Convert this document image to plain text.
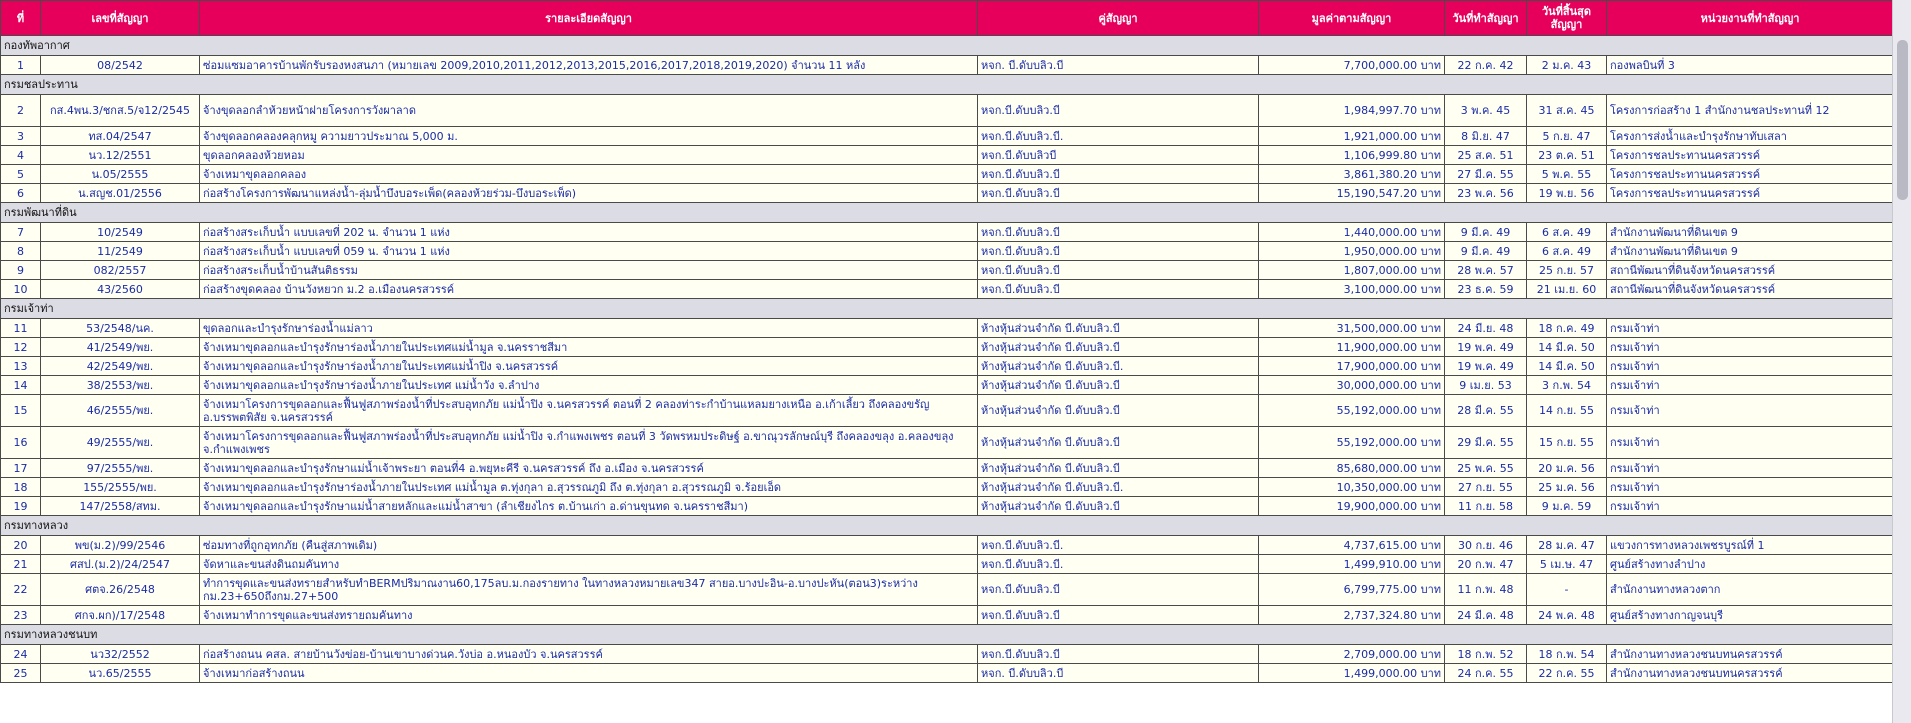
ที่	เลขที่สัญญา	รายละเอียดสัญญา	คู่สัญญา	มูลค่าตามสัญญา	วันที่ทำสัญญา	วันที่สิ้นสุดสัญญา	หน่วยงานที่ทำสัญญา
กองทัพอากาศ							
1	08/2542	ซ่อมแซมอาคารบ้านพักรับรองหงสนภา (หมายเลข 2009,2010,2011,2012,2013,2015,2016,2017,2018,2019,2020) จำนวน 11 หลัง	หจก. บี.ดับบลิว.บี	7,700,000.00 บาท	22 ก.ค. 42	2 ม.ค. 43	กองพลบินที่ 3
กรมชลประทาน							
2	กส.4พน.3/ชกส.5/จ12/2545	จ้างขุดลอกลำห้วยหน้าฝายโครงการวังผาลาด	หจก.บี.ดับบลิว.บี	1,984,997.70 บาท	3 พ.ค. 45	31 ส.ค. 45	โครงการก่อสร้าง 1 สำนักงานชลประทานที่ 12
3	ทส.04/2547	จ้างขุดลอกคลองคลุกหมู ความยาวประมาณ 5,000 ม.	หจก.บี.ดับบลิว.บี.	1,921,000.00 บาท	8 มิ.ย. 47	5 ก.ย. 47	โครงการส่งน้ำและบำรุงรักษาทับเสลา
4	นว.12/2551	ขุดลอกคลองห้วยหอม	หจก.บี.ดับบลิวบี	1,106,999.80 บาท	25 ส.ค. 51	23 ต.ค. 51	โครงการชลประทานนครสวรรค์
5	น.05/2555	จ้างเหมาขุดลอกคลอง	หจก.บี.ดับบลิว.บี	3,861,380.20 บาท	27 มี.ค. 55	5 พ.ค. 55	โครงการชลประทานนครสวรรค์
6	น.สญช.01/2556	ก่อสร้างโครงการพัฒนาแหล่งน้ำ-ลุ่มน้ำบึงบอระเพ็ด(คลองห้วยร่วม-บึงบอระเพ็ด)	หจก.บี.ดับบลิว.บี	15,190,547.20 บาท	23 พ.ค. 56	19 พ.ย. 56	โครงการชลประทานนครสวรรค์
กรมพัฒนาที่ดิน							
7	10/2549	ก่อสร้างสระเก็บน้ำ แบบเลขที่ 202 น. จำนวน 1 แห่ง	หจก.บี.ดับบลิว.บี	1,440,000.00 บาท	9 มี.ค. 49	6 ส.ค. 49	สำนักงานพัฒนาที่ดินเขต 9
8	11/2549	ก่อสร้างสระเก็บน้ำ แบบเลขที่ 059 น. จำนวน 1 แห่ง	หจก.บี.ดับบลิว.บี	1,950,000.00 บาท	9 มี.ค. 49	6 ส.ค. 49	สำนักงานพัฒนาที่ดินเขต 9
9	082/2557	ก่อสร้างสระเก็บน้ำบ้านสันติธรรม	หจก.บี.ดับบลิว.บี	1,807,000.00 บาท	28 พ.ค. 57	25 ก.ย. 57	สถานีพัฒนาที่ดินจังหวัดนครสวรรค์
10	43/2560	ก่อสร้างขุดคลอง บ้านวังหยวก ม.2 อ.เมืองนครสวรรค์	หจก.บี.ดับบลิว.บี	3,100,000.00 บาท	23 ธ.ค. 59	21 เม.ย. 60	สถานีพัฒนาที่ดินจังหวัดนครสวรรค์
กรมเจ้าท่า							
11	53/2548/นค.	ขุดลอกและบำรุงรักษาร่องน้ำแม่ลาว	ห้างหุ้นส่วนจำกัด บี.ดับบลิว.บี	31,500,000.00 บาท	24 มี.ย. 48	18 ก.ค. 49	กรมเจ้าท่า
12	41/2549/พย.	จ้างเหมาขุดลอกและบำรุงรักษาร่องน้ำภายในประเทศแม่น้ำมูล จ.นครราชสีมา	ห้างหุ้นส่วนจำกัด บี.ดับบลิว.บี	11,900,000.00 บาท	19 พ.ค. 49	14 มี.ค. 50	กรมเจ้าท่า
13	42/2549/พย.	จ้างเหมาขุดลอกและบำรุงรักษาร่องน้ำภายในประเทศแม่น้ำปิง จ.นครสวรรค์	ห้างหุ้นส่วนจำกัด บี.ดับบลิว.บี.	17,900,000.00 บาท	19 พ.ค. 49	14 มี.ค. 50	กรมเจ้าท่า
14	38/2553/พย.	จ้างเหมาขุดลอกและบำรุงรักษาร่องน้ำภายในประเทศ แม่น้ำวัง จ.ลำปาง	ห้างหุ้นส่วนจำกัด บี.ดับบลิว.บี	30,000,000.00 บาท	9 เม.ย. 53	3 ก.พ. 54	กรมเจ้าท่า
15	46/2555/พย.	จ้างเหมาโครงการขุดลอกและฟื้นฟูสภาพร่องน้ำที่ประสบอุทกภัย แม่น้ำปิง จ.นครสวรรค์ ตอนที่ 2 คลองท่าระกำบ้านแหลมยางเหนือ อ.เก้าเลี้ยว ถึงคลองขรัญ อ.บรรพตพิสัย จ.นครสวรรค์	ห้างหุ้นส่วนจำกัด บี.ดับบลิว.บี	55,192,000.00 บาท	28 มี.ค. 55	14 ก.ย. 55	กรมเจ้าท่า
16	49/2555/พย.	จ้างเหมาโครงการขุดลอกและฟื้นฟูสภาพร่องน้ำที่ประสบอุทกภัย แม่น้ำปิง จ.กำแพงเพชร ตอนที่ 3 วัดพรหมประดิษฐ์ อ.ขาณุวรลักษณ์บุรี ถึงคลองขลุง อ.คลองขลุง จ.กำแพงเพชร	ห้างหุ้นส่วนจำกัด บี.ดับบลิว.บี	55,192,000.00 บาท	29 มี.ค. 55	15 ก.ย. 55	กรมเจ้าท่า
17	97/2555/พย.	จ้างเหมาขุดลอกและบำรุงรักษาแม่น้ำเจ้าพระยา ตอนที่4 อ.พยุหะคีรี จ.นครสวรรค์ ถึง อ.เมือง จ.นครสวรรค์	ห้างหุ้นส่วนจำกัด บี.ดับบลิว.บี	85,680,000.00 บาท	25 พ.ค. 55	20 ม.ค. 56	กรมเจ้าท่า
18	155/2555/พย.	จ้างเหมาขุดลอกและบำรุงรักษาร่องน้ำภายในประเทศ แม่น้ำมูล ต.ทุ่งกุลา อ.สุวรรณภูมิ ถึง ต.ทุ่งกุลา อ.สุวรรณภูมิ จ.ร้อยเอ็ด	ห้างหุ้นส่วนจำกัด บี.ดับบลิว.บี.	10,350,000.00 บาท	27 ก.ย. 55	25 ม.ค. 56	กรมเจ้าท่า
19	147/2558/สทม.	จ้างเหมาขุดลอกและบำรุงรักษาแม่น้ำสายหลักและแม่น้ำสาขา (ลำเชียงไกร ต.บ้านเก่า อ.ด่านขุนทด จ.นครราชสีมา)	ห้างหุ้นส่วนจำกัด บี.ดับบลิว.บี	19,900,000.00 บาท	11 ก.ย. 58	9 ม.ค. 59	กรมเจ้าท่า
กรมทางหลวง							
20	พข(ม.2)/99/2546	ซ่อมทางที่ถูกอุทกภัย (คืนสู่สภาพเดิม)	หจก.บี.ดับบลิว.บี.	4,737,615.00 บาท	30 ก.ย. 46	28 ม.ค. 47	แขวงการทางหลวงเพชรบูรณ์ที่ 1
21	ศสป.(ม.2)/24/2547	จัดหาและขนส่งดินถมคันทาง	หจก.บี.ดับบลิว.บี.	1,499,910.00 บาท	20 ก.พ. 47	5 เม.ษ. 47	ศูนย์สร้างทางลำปาง
22	ศตจ.26/2548	ทำการขุดและขนส่งทรายสำหรับทำBERMปริมาณงาน60,175ลบ.ม.กองรายทาง ในทางหลวงหมายเลข347 สายอ.บางปะอิน-อ.บางปะหัน(ตอน3)ระหว่างกม.23+650ถึงกม.27+500	หจก.บี.ดับบลิว.บี	6,799,775.00 บาท	11 ก.พ. 48	-	สำนักงานทางหลวงตาก
23	ศกจ.ผก)/17/2548	จ้างเหมาทำการขุดและขนส่งทรายถมคันทาง	หจก.บี.ดับบลิว.บี	2,737,324.80 บาท	24 มี.ค. 48	24 พ.ค. 48	ศูนย์สร้างทางกาญจนบุรี
กรมทางหลวงชนบท							
24	นว32/2552	ก่อสร้างถนน คสล. สายบ้านวังข่อย-บ้านเขาบางด่วนค.วังบ่อ อ.หนองบัว จ.นครสวรรค์	หจก.บี.ดับบลิว.บี	2,709,000.00 บาท	18 ก.พ. 52	18 ก.พ. 54	สำนักงานทางหลวงชนบทนครสวรรค์
25	นว.65/2555	จ้างเหมาก่อสร้างถนน	หจก. บี.ดับบลิว.บี	1,499,000.00 บาท	24 ก.ค. 55	22 ก.ค. 55	สำนักงานทางหลวงชนบทนครสวรรค์
